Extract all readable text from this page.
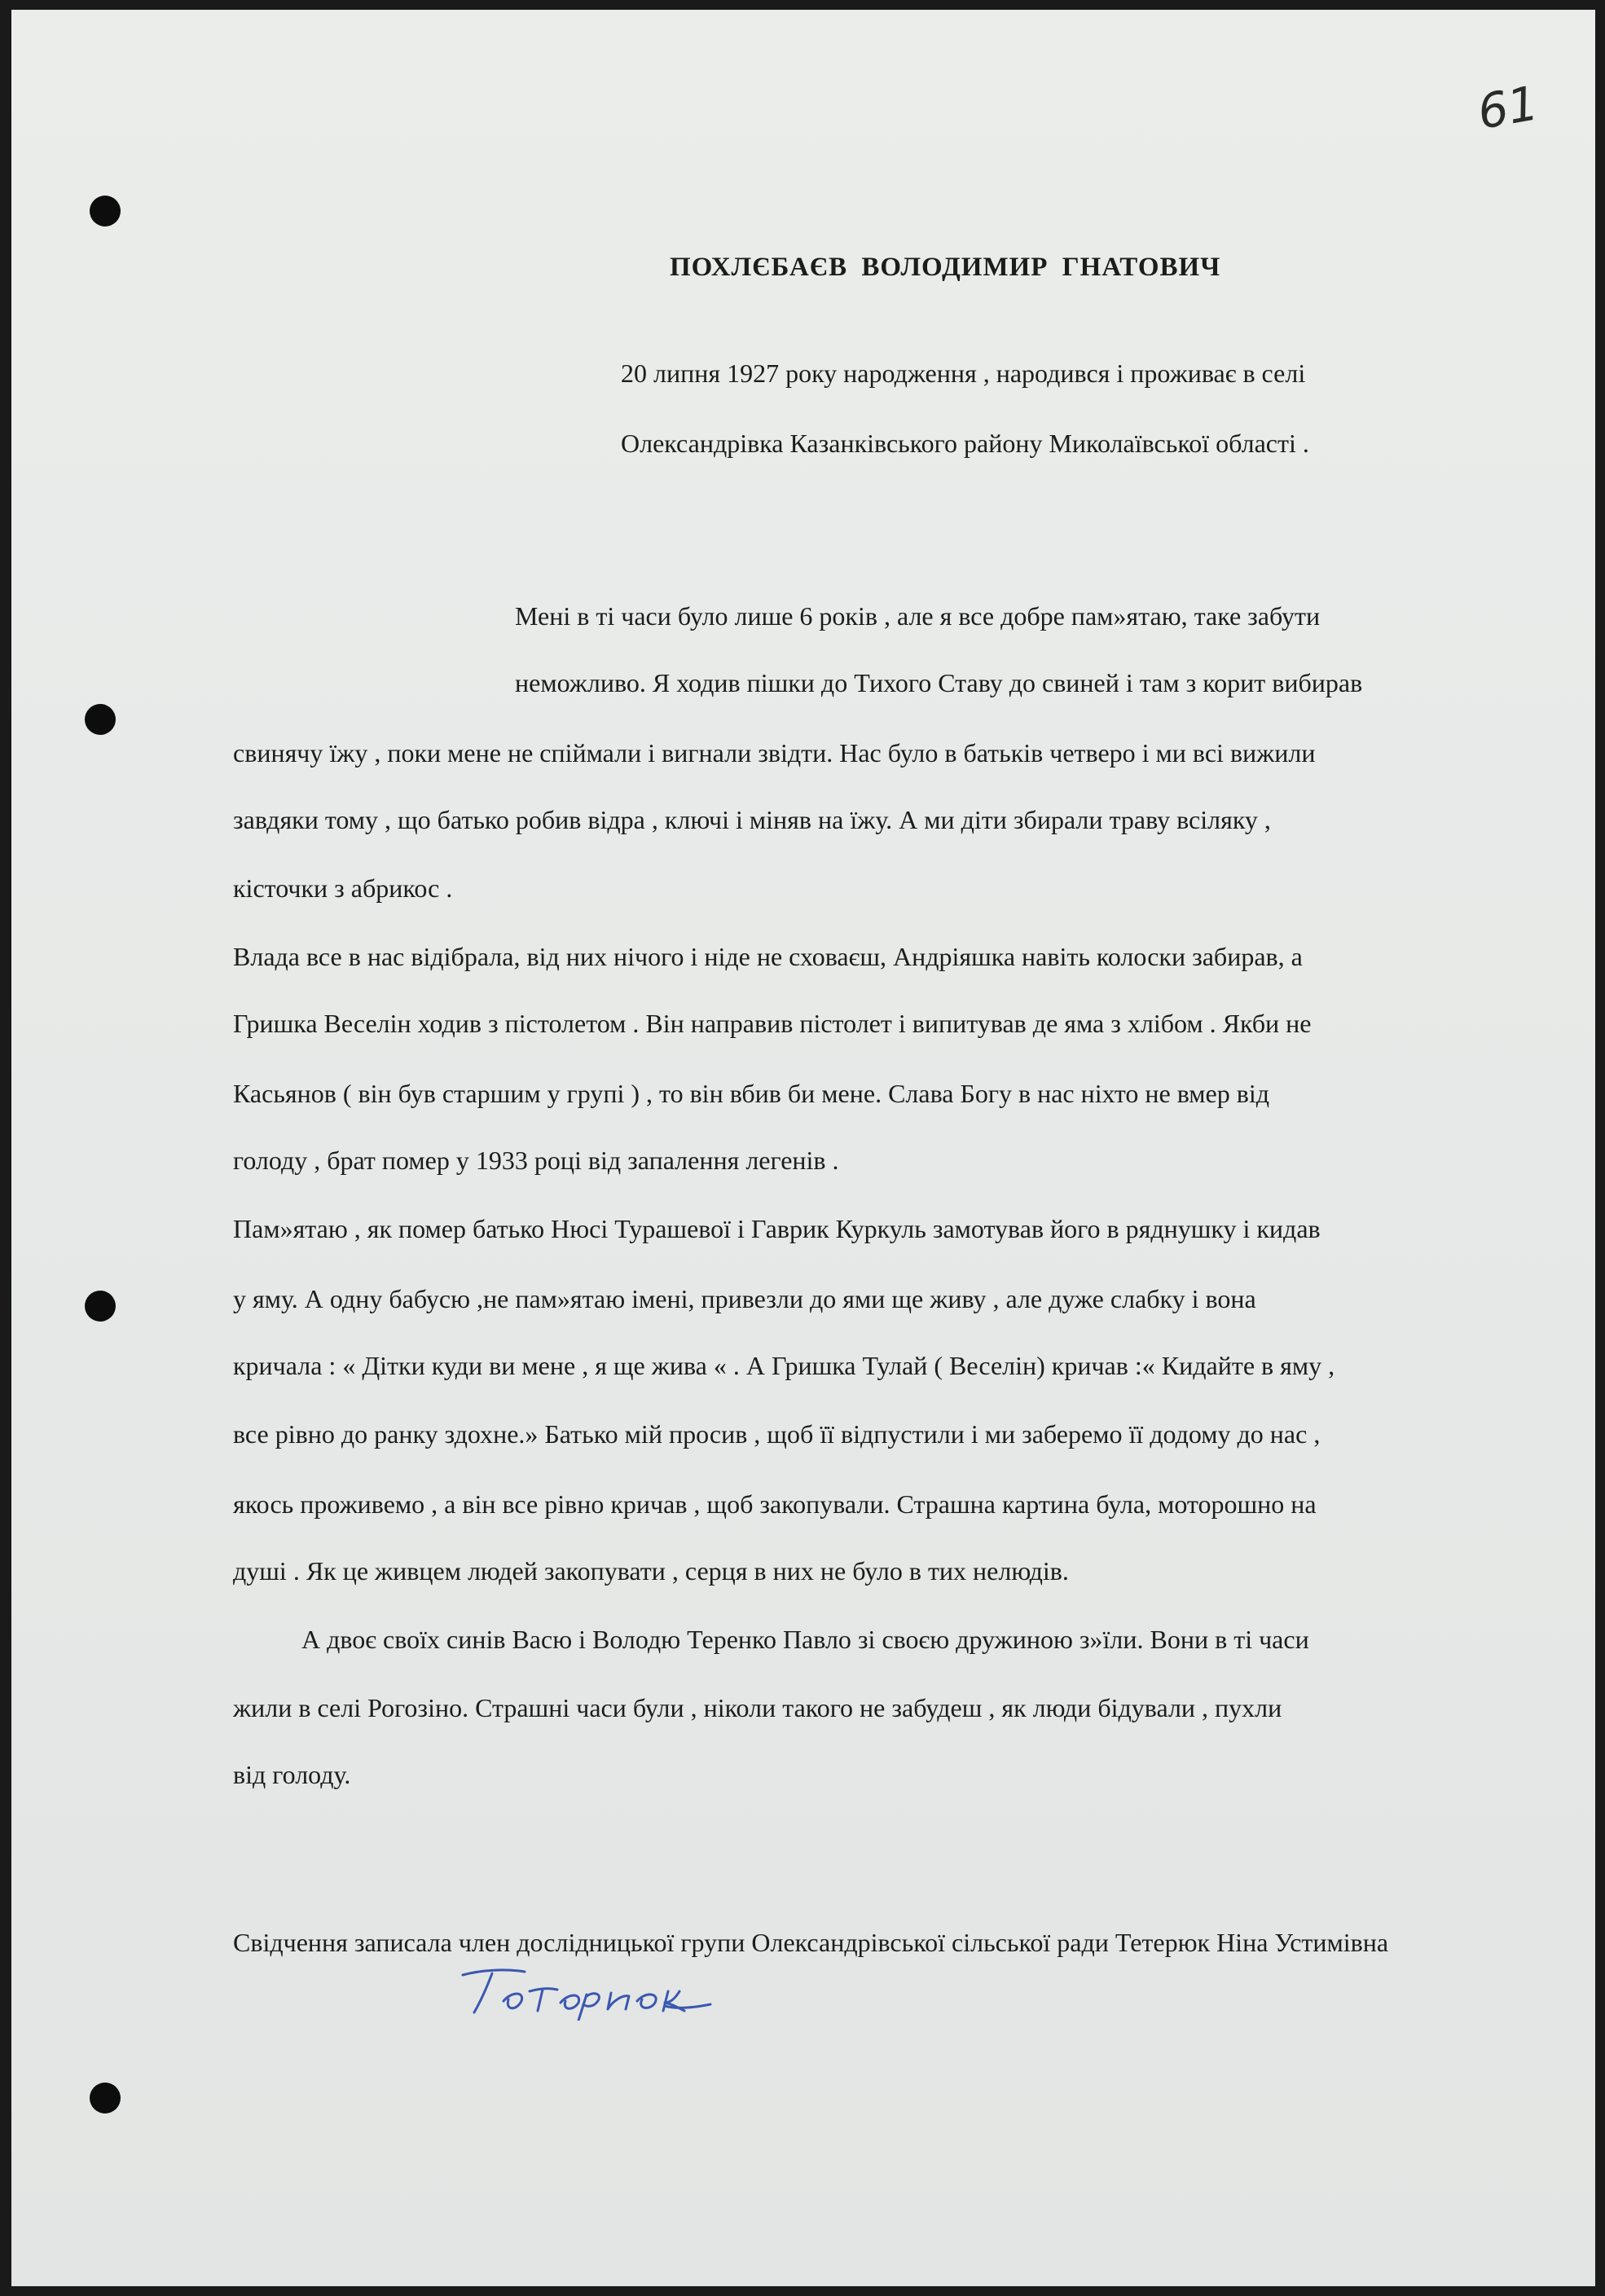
61
ПОХЛЄБАЄВ ВОЛОДИМИР ГНАТОВИЧ
20 липня 1927 року народження , народився і проживає в селі
Олександрівка Казанківського району Миколаївської області .
Мені в ті часи було лише 6 років , але я все добре пам»ятаю, таке забути
неможливо. Я ходив пішки до Тихого Ставу до свиней і там з корит вибирав
свинячу їжу , поки мене не спіймали і вигнали звідти. Нас було в батьків четверо і ми всі вижили
завдяки тому , що батько робив відра , ключі і міняв на їжу. А ми діти збирали траву всіляку ,
кісточки з абрикос .
Влада все в нас відібрала, від них нічого і ніде не сховаєш, Андріяшка навіть колоски забирав, а
Гришка Веселін ходив з пістолетом . Він направив пістолет і випитував де яма з хлібом . Якби не
Касьянов ( він був старшим у групі ) , то він вбив би мене. Слава Богу в нас ніхто не вмер від
голоду , брат помер у 1933 році від запалення легенів .
Пам»ятаю , як помер батько Нюсі Турашевої і Гаврик Куркуль замотував його в ряднушку і кидав
у яму. А одну бабусю ,не пам»ятаю імені, привезли до ями ще живу , але дуже слабку і вона
кричала : « Дітки куди ви мене , я ще жива « . А Гришка Тулай ( Веселін) кричав :« Кидайте в яму ,
все рівно до ранку здохне.» Батько мій просив , щоб її відпустили і ми заберемо її додому до нас ,
якось проживемо , а він все рівно кричав , щоб закопували. Страшна картина була, моторошно на
душі . Як це живцем людей закопувати , серця в них не було в тих нелюдів.
А двоє своїх синів Васю і Володю Теренко Павло зі своєю дружиною з»їли. Вони в ті часи
жили в селі Рогозіно. Страшні часи були , ніколи такого не забудеш , як люди бідували , пухли
від голоду.
Свідчення записала член дослідницької групи Олександрівської сільської ради Тетерюк Ніна Устимівна
